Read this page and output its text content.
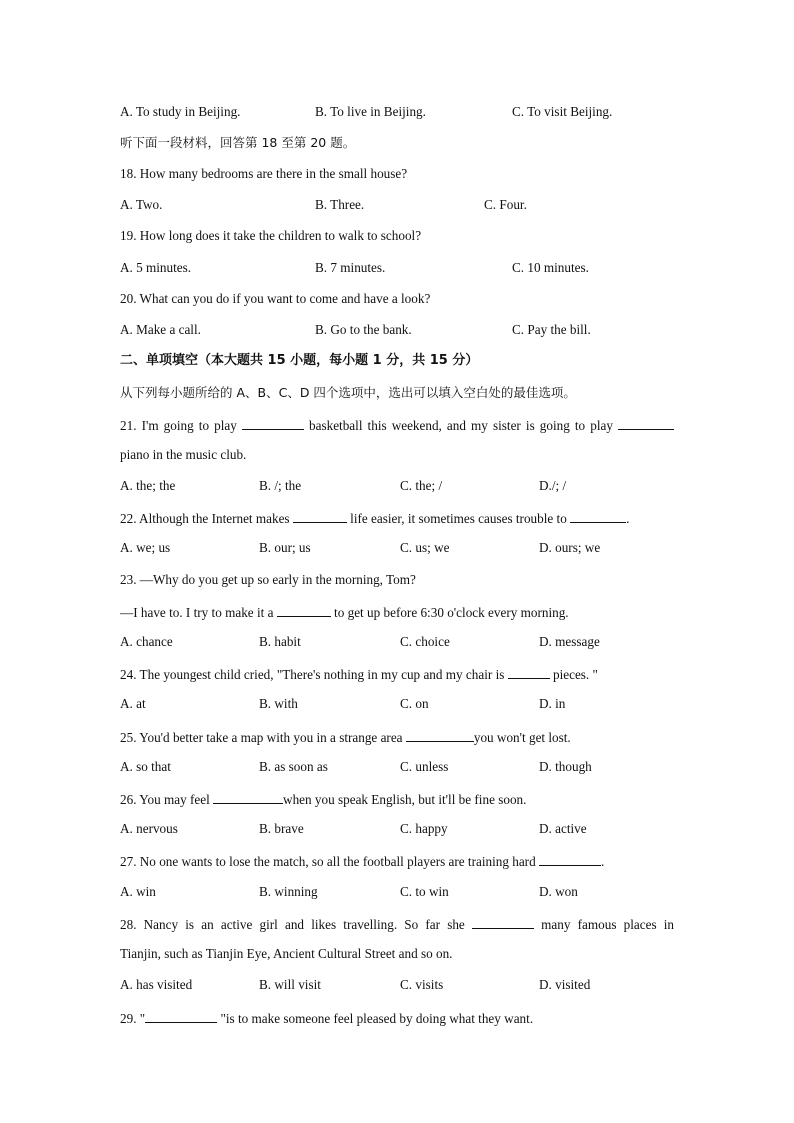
A. To study in Beijing.	B. To live in Beijing.	C. To visit Beijing.
听下面一段材料，回答第 18 至第 20 题。
18. How many bedrooms are there in the small house?
A. Two.	B. Three.	C. Four.
19. How long does it take the children to walk to school?
A. 5 minutes.	B. 7 minutes.	C. 10 minutes.
20. What can you do if you want to come and have a look?
A. Make a call.	B. Go to the bank.	C. Pay the bill.
二、单项填空（本大题共 15 小题，每小题 1 分，共 15 分）
从下列每小题所给的 A、B、C、D 四个选项中，选出可以填入空白处的最佳选项。
21. I'm going to play	basketball this weekend, and my sister is going to play
piano in the music club.
A. the; the	B. /; the	C. the; /	D./; /
22. Although the Internet makes	life easier, it sometimes causes trouble to	.
A. we; us	B. our; us	C. us; we	D. ours; we
23. —Why do you get up so early in the morning, Tom?
—I have to. I try to make it a	to get up before 6:30 o'clock every morning.
A. chance	B. habit	C. choice	D. message
24. The youngest child cried, "There's nothing in my cup and my chair is	pieces. "
A. at	B. with	C. on	D. in
25. You'd better take a map with you in a strange area	you won't get lost.
A. so that	B. as soon as	C. unless	D. though
26. You may feel	when you speak English, but it'll be fine soon.
A. nervous	B. brave	C. happy	D. active
27. No one wants to lose the match, so all the football players are training hard	.
A. win	B. winning	C. to win	D. won
28. Nancy is an active girl and likes travelling. So far she	many famous places in
Tianjin, such as Tianjin Eye, Ancient Cultural Street and so on.
A. has visited	B. will visit	C. visits	D. visited
29. "	"is to make someone feel pleased by doing what they want.
